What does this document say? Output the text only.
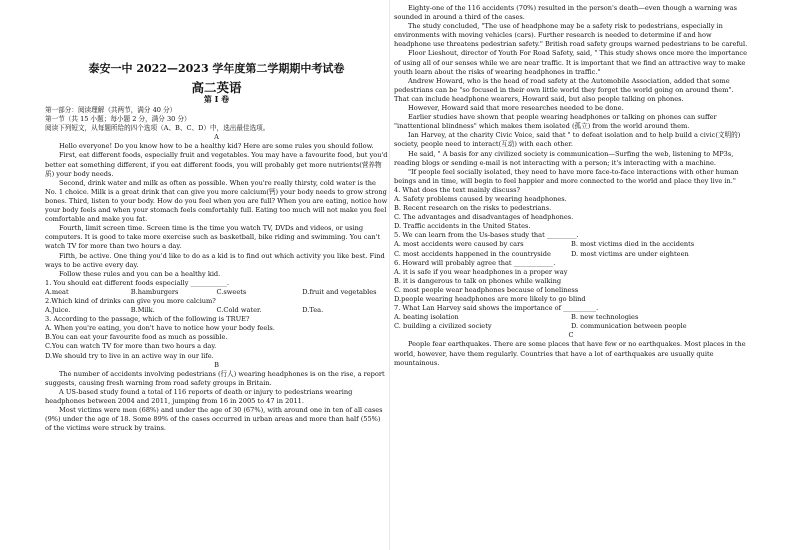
泰安一中 2022—2023 学年度第二学期期中考试卷
高二英语
第 I 卷

第一部分：阅读理解（共两节，满分 40 分）

第一节（共 15 小题；每小题 2 分，满分 30 分）

阅读下列短文，从每题所给的四个选项（A、B、C、D）中，选出最佳选项。

A

Hello everyone! Do you know how to be a healthy kid? Here are some rules you should follow.

First, eat different foods, especially fruit and vegetables. You may have a favourite food, but you'd better eat something different, if you eat different foods, you will probably get more nutrients(营养物质) your body needs.

Second, drink water and milk as often as possible. When you're really thirsty, cold water is the No. 1 choice. Milk is a great drink that can give you more calcium(钙) your body needs to grow strong bones. Third, listen to your body. How do you feel when you are full? When you are eating, notice how your body feels and when your stomach feels comfortably full. Eating too much will not make you feel comfortable and make you fat.

Fourth, limit screen time. Screen time is the time you watch TV, DVDs and videos, or using computers. It is good to take more exercise such as basketball, bike riding and swimming. You can't watch TV for more than two hours a day.

Fifth, be active. One thing you'd like to do as a kid is to find out which activity you like best. Find ways to be active every day.

Follow these rules and you can be a healthy kid.

1. You should eat different foods especially ___________.

A.meat	B.hamburgers	C.sweets	D.fruit and vegetables

2.Which kind of drinks can give you more calcium?

A.Juice.	B.Milk.	C.Cold water.	D.Tea.

3. According to the passage, which of the following is TRUE?

A. When you're eating, you don't have to notice how your body feels.

B.You can eat your favourite food as much as possible.

C.You can watch TV for more than two hours a day.

D.We should try to live in an active way in our life.

B

The number of accidents involving pedestrians (行人) wearing headphones is on the rise, a report suggests, causing fresh warning from road safety groups in Britain.

A US-based study found a total of 116 reports of death or injury to pedestrians wearing headphones between 2004 and 2011, jumping from 16 in 2005 to 47 in 2011.

Most victims were men (68%) and under the age of 30 (67%), with around one in ten of all cases (9%) under the age of 18. Some 89% of the cases occurred in urban areas and more than half (55%) of the victims were struck by trains.

Eighty-one of the 116 accidents (70%) resulted in the person's death—even though a warning was sounded in around a third of the cases.

The study concluded, "The use of headphone may be a safety risk to pedestrians, especially in environments with moving vehicles (cars). Further research is needed to determine if and how headphone use threatens pedestrian safety." British road safety groups warned pedestrians to be careful.

Floor Lieshout, director of Youth For Road Safety, said, " This study shows once more the importance of using all of our senses while we are near traffic. It is important that we find an attractive way to make youth learn about the risks of wearing headphones in traffic."

Andrew Howard, who is the head of road safety at the Automobile Association, added that some pedestrians can be "so focused in their own little world they forget the world going on around them". That can include headphone wearers, Howard said, but also people talking on phones.

However, Howard said that more researches needed to be done.

Earlier studies have shown that people wearing headphones or talking on phones can suffer "inattentional blindness" which makes them isolated (孤立) from the world around them.

Ian Harvey, at the charity Civic Voice, said that " to defeat isolation and to help build a civic(文明的) society, people need to interact(互动) with each other.

He said, " A basis for any civilized society is communication—Surfing the web, listening to MP3s, reading blogs or sending e-mail is not interacting with a person; it's interacting with a machine.

"If people feel socially isolated, they need to have more face-to-face interactions with other human beings and in time, will begin to feel happier and more connected to the world and place they live in."

4. What does the text mainly discuss?

A. Safety problems caused by wearing headphones.

B. Recent research on the risks to pedestrians.

C. The advantages and disadvantages of headphones.

D. Traffic accidents in the United States.

5. We can learn from the Us-bases study that _________.

A. most accidents were caused by cars	B. most victims died in the accidents
C. most accidents happened in the countryside	D. most victims are under eighteen

6. Howard will probably agree that ____________.

A. it is safe if you wear headphones in a proper way

B. it is dangerous to talk on phones while walking

C. most people wear headphones because of loneliness

D.people wearing headphones are more likely to go blind

7. What Lan Harvey said shows the importance of __________.

A. beating isolation	B. new technologies
C. building a civilized society	D. communication between people

C

People fear earthquakes. There are some places that have few or no earthquakes. Most places in the world, however, have them regularly. Countries that have a lot of earthquakes are usually quite mountainous.
